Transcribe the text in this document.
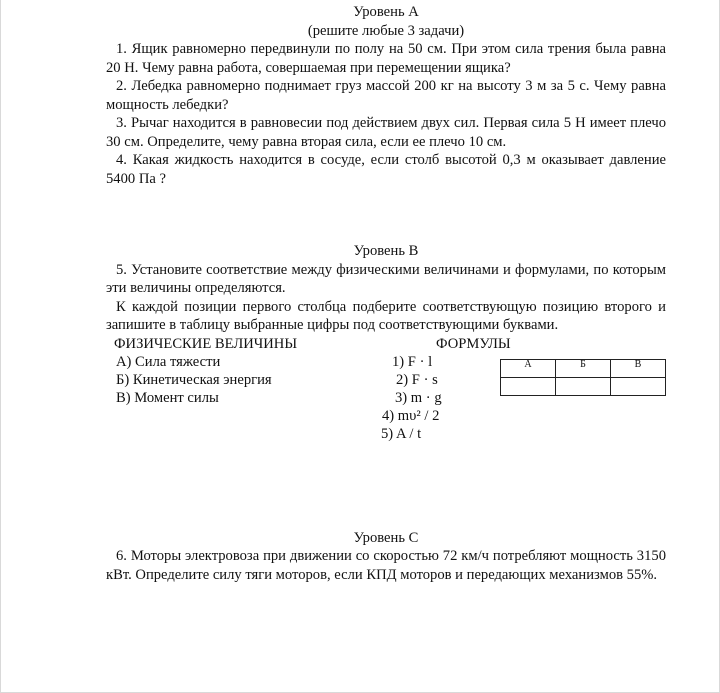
Уровень А

(решите любые 3 задачи)

1. Ящик равномерно передвинули по полу на 50 см. При этом сила трения была равна 20 Н. Чему равна работа, совершаемая при перемещении ящика?

2. Лебедка равномерно поднимает груз массой 200 кг на высоту 3 м за 5 с. Чему равна мощность лебедки?

3. Рычаг находится в равновесии под действием двух сил. Первая сила 5 Н имеет плечо 30 см. Определите, чему равна вторая сила, если ее плечо 10 см.

4. Какая жидкость находится в сосуде, если столб высотой 0,3 м оказывает давление 5400 Па ?

Уровень В

5. Установите соответствие между физическими величинами и формулами, по которым эти величины определяются.

К каждой позиции первого столбца подберите соответствующую позицию второго и запишите в таблицу выбранные цифры под соответствующими буквами.

ФИЗИЧЕСКИЕ ВЕЛИЧИНЫ	ФОРМУЛЫ
А) Сила тяжести
Б) Кинетическая энергия
В) Момент силы
1) F · l
2) F · s
3) m · g
4) mυ² / 2
5) A / t
А	Б	В

Уровень С

6. Моторы электровоза при движении со скоростью 72 км/ч потребляют мощность 3150 кВт. Определите силу тяги моторов, если КПД моторов и передающих механизмов 55%.
